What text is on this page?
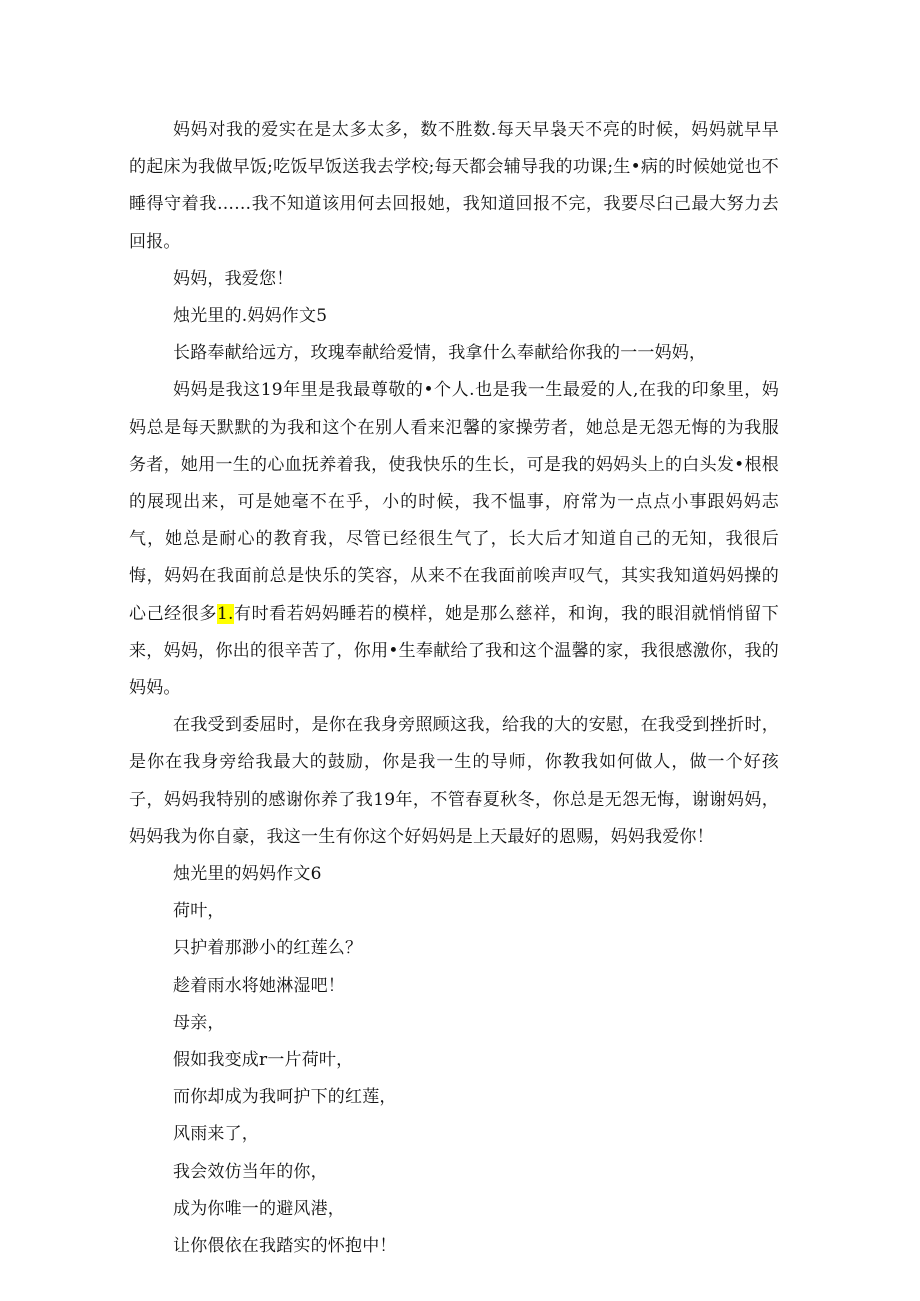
妈妈对我的爱实在是太多太多，数不胜数.每天早袅天不亮的时候，妈妈就早早的起床为我做早饭;吃饭早饭送我去学校;每天都会辅导我的功课;生•病的时候她觉也不睡得守着我……我不知道该用何去回报她，我知道回报不完，我要尽臼己最大努力去回报。

妈妈，我爱您！

烛光里的.妈妈作文5

长路奉献给远方，玫瑰奉献给爱情，我拿什么奉献给你我的一一妈妈，

妈妈是我这19年里是我最尊敬的•个人.也是我一生最爱的人,在我的印象里，妈妈总是每天默默的为我和这个在别人看来氾馨的家操劳者，她总是无怨无悔的为我服务者，她用一生的心血抚养着我，使我快乐的生长，可是我的妈妈头上的白头发•根根的展现出来，可是她毫不在乎，小的时候，我不愠事，府常为一点点小事跟妈妈志气，她总是耐心的教育我，尽管已经很生气了，长大后才知道自己的无知，我很后悔，妈妈在我面前总是快乐的笑容，从来不在我面前唉声叹气，其实我知道妈妈操的心己经很多1.有时看若妈妈睡若的模样，她是那么慈祥，和询，我的眼泪就悄悄留下来，妈妈，你出的很辛苦了，你用•生奉献给了我和这个温馨的家，我很感激你，我的妈妈。

在我受到委屈时，是你在我身旁照顾这我，给我的大的安慰，在我受到挫折时，是你在我身旁给我最大的鼓励，你是我一生的导师，你教我如何做人，做一个好孩子，妈妈我特别的感谢你养了我19年，不管春夏秋冬，你总是无怨无悔，谢谢妈妈，妈妈我为你自豪，我这一生有你这个好妈妈是上天最好的恩赐，妈妈我爱你！

烛光里的妈妈作文6

荷叶，

只护着那渺小的红莲么？

趁着雨水将她淋湿吧！

母亲，

假如我变成r一片荷叶，

而你却成为我呵护下的红莲，

风雨来了，

我会效仿当年的你，

成为你唯一的避风港，

让你偎依在我踏实的怀抱中！
